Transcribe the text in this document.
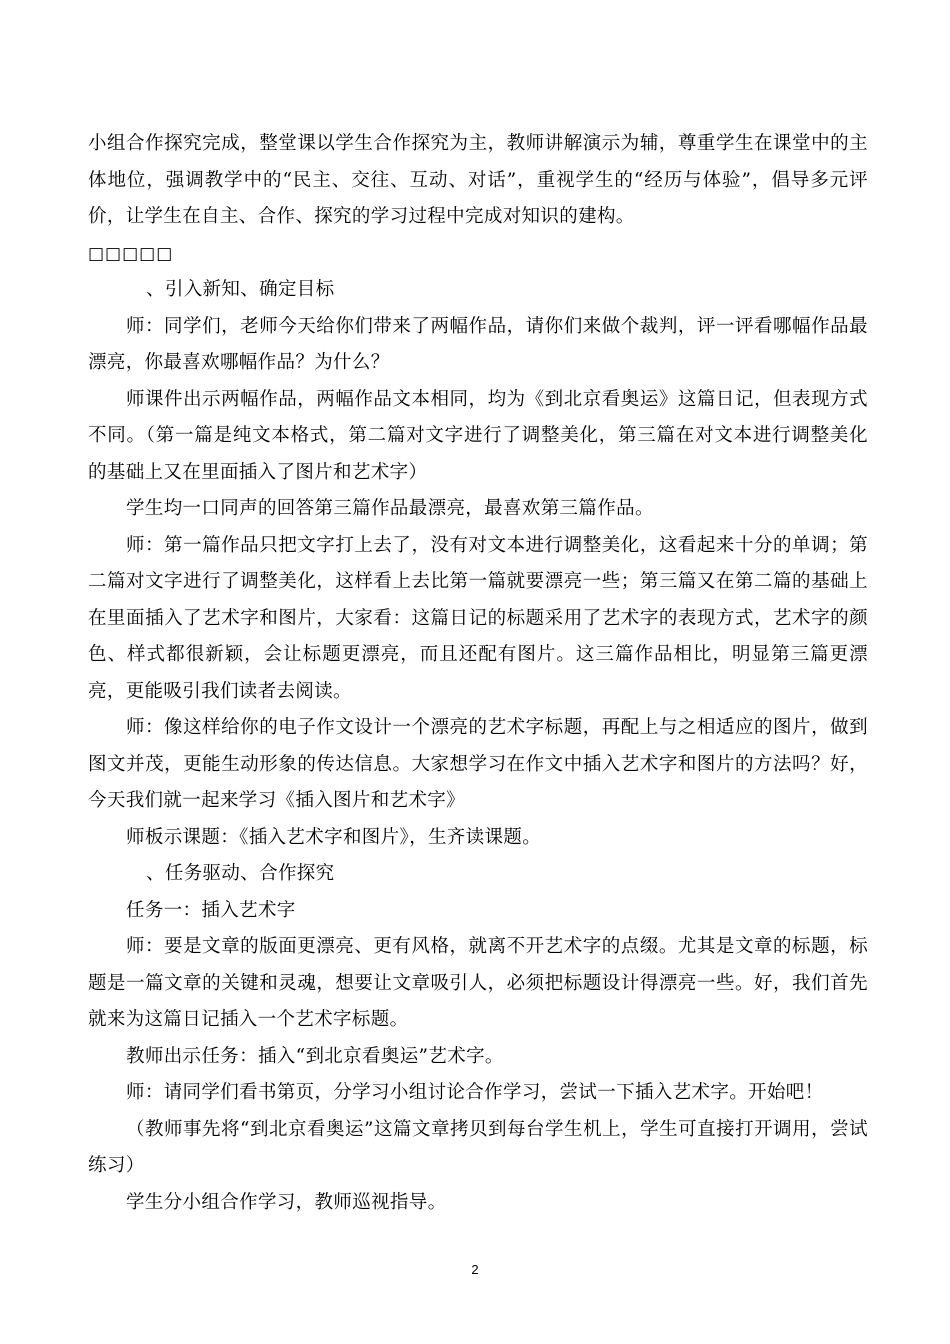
小组合作探究完成，整堂课以学生合作探究为主，教师讲解演示为辅，尊重学生在课堂中的主体地位，强调教学中的“民主、交往、互动、对话”，重视学生的“经历与体验”，倡导多元评价，让学生在自主、合作、探究的学习过程中完成对知识的建构。

□□□□□

、引入新知、确定目标

师：同学们，老师今天给你们带来了两幅作品，请你们来做个裁判，评一评看哪幅作品最漂亮，你最喜欢哪幅作品？为什么？

师课件出示两幅作品，两幅作品文本相同，均为《到北京看奥运》这篇日记，但表现方式不同。（第一篇是纯文本格式，第二篇对文字进行了调整美化，第三篇在对文本进行调整美化的基础上又在里面插入了图片和艺术字）

学生均一口同声的回答第三篇作品最漂亮，最喜欢第三篇作品。

师：第一篇作品只把文字打上去了，没有对文本进行调整美化，这看起来十分的单调；第二篇对文字进行了调整美化，这样看上去比第一篇就要漂亮一些；第三篇又在第二篇的基础上在里面插入了艺术字和图片，大家看：这篇日记的标题采用了艺术字的表现方式，艺术字的颜色、样式都很新颖，会让标题更漂亮，而且还配有图片。这三篇作品相比，明显第三篇更漂亮，更能吸引我们读者去阅读。

师：像这样给你的电子作文设计一个漂亮的艺术字标题，再配上与之相适应的图片，做到图文并茂，更能生动形象的传达信息。大家想学习在作文中插入艺术字和图片的方法吗？好，今天我们就一起来学习《插入图片和艺术字》

师板示课题：《插入艺术字和图片》，生齐读课题。

、任务驱动、合作探究

任务一：插入艺术字

师：要是文章的版面更漂亮、更有风格，就离不开艺术字的点缀。尤其是文章的标题，标题是一篇文章的关键和灵魂，想要让文章吸引人，必须把标题设计得漂亮一些。好，我们首先就来为这篇日记插入一个艺术字标题。

教师出示任务：插入“到北京看奥运”艺术字。

师：请同学们看书第页，分学习小组讨论合作学习，尝试一下插入艺术字。开始吧！

（教师事先将“到北京看奥运”这篇文章拷贝到每台学生机上，学生可直接打开调用，尝试练习）

学生分小组合作学习，教师巡视指导。

2
